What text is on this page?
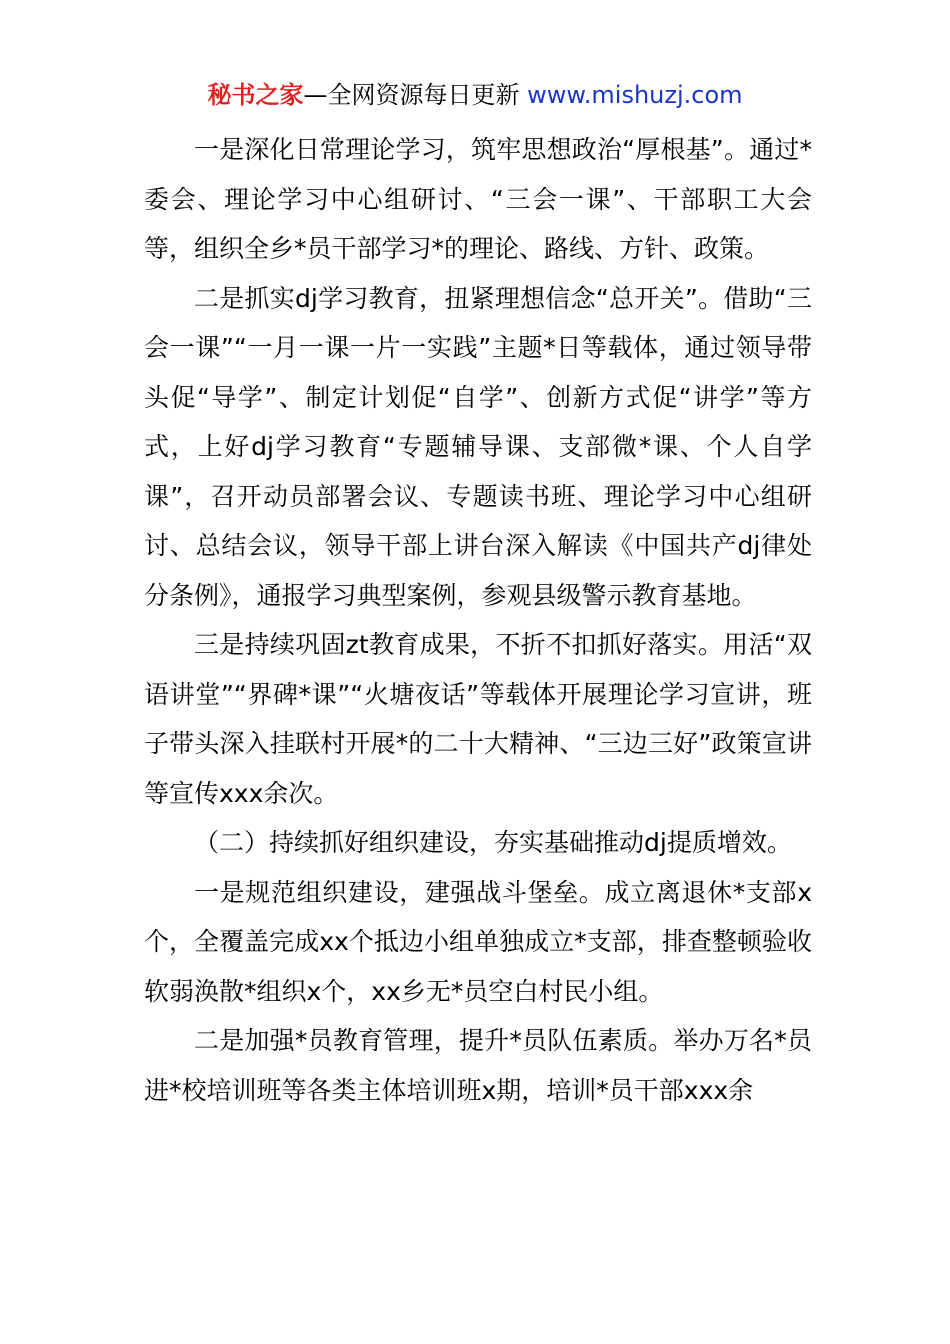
秘书之家—全网资源每日更新 www.mishuzj.com

一是深化日常理论学习，筑牢思想政治“厚根基”。通过*委会、理论学习中心组研讨、“三会一课”、干部职工大会等，组织全乡*员干部学习*的理论、路线、方针、政策。

二是抓实dj学习教育，扭紧理想信念“总开关”。借助“三会一课”“一月一课一片一实践”主题*日等载体，通过领导带头促“导学”、制定计划促“自学”、创新方式促“讲学”等方式，上好dj学习教育“专题辅导课、支部微*课、个人自学课”，召开动员部署会议、专题读书班、理论学习中心组研讨、总结会议，领导干部上讲台深入解读《中国共产dj律处分条例》，通报学习典型案例，参观县级警示教育基地。

三是持续巩固zt教育成果，不折不扣抓好落实。用活“双语讲堂”“界碑*课”“火塘夜话”等载体开展理论学习宣讲，班子带头深入挂联村开展*的二十大精神、“三边三好”政策宣讲等宣传xxx余次。

（二）持续抓好组织建设，夯实基础推动dj提质增效。

一是规范组织建设，建强战斗堡垒。成立离退休*支部x个，全覆盖完成xx个抵边小组单独成立*支部，排查整顿验收软弱涣散*组织x个，xx乡无*员空白村民小组。

二是加强*员教育管理，提升*员队伍素质。举办万名*员进*校培训班等各类主体培训班x期，培训*员干部xxx余
